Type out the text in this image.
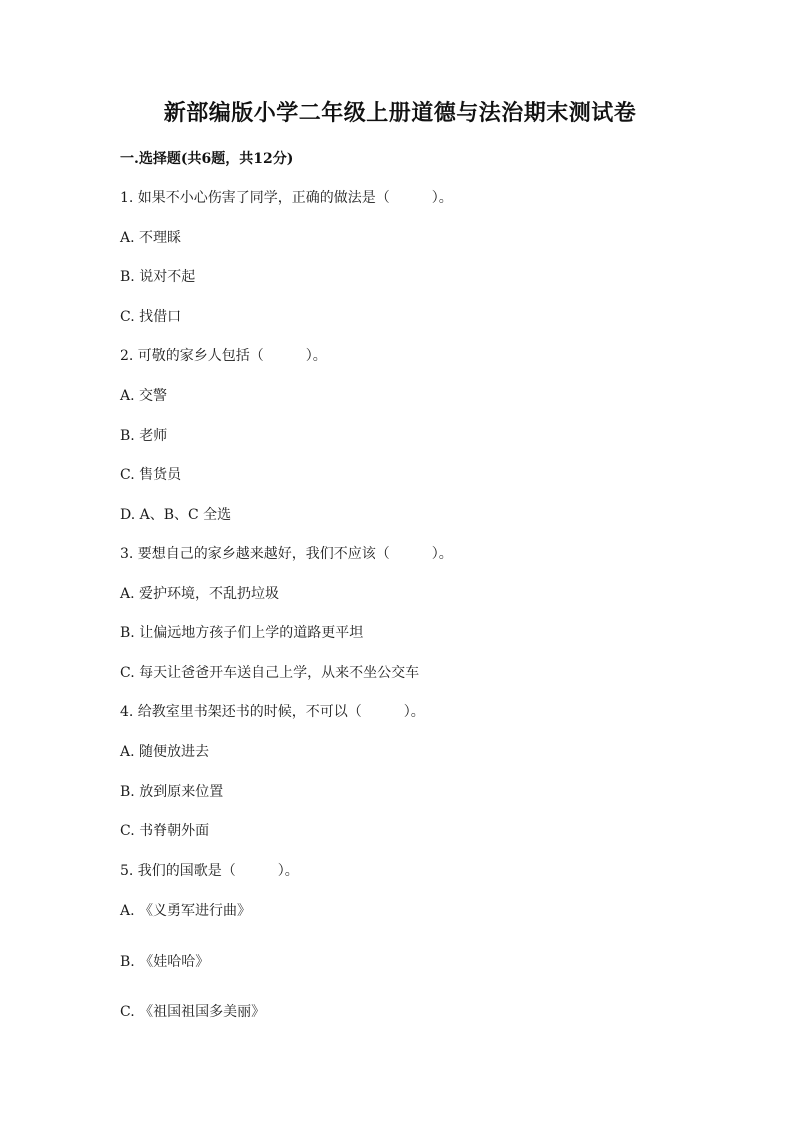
新部编版小学二年级上册道德与法治期末测试卷
一.选择题(共6题，共12分)
1. 如果不小心伤害了同学，正确的做法是（　　　）。
A. 不理睬
B. 说对不起
C. 找借口
2. 可敬的家乡人包括（　　　）。
A. 交警
B. 老师
C. 售货员
D. A、B、C 全选
3. 要想自己的家乡越来越好，我们不应该（　　　）。
A. 爱护环境，不乱扔垃圾
B. 让偏远地方孩子们上学的道路更平坦
C. 每天让爸爸开车送自己上学，从来不坐公交车
4. 给教室里书架还书的时候，不可以（　　　）。
A. 随便放进去
B. 放到原来位置
C. 书脊朝外面
5. 我们的国歌是（　　　）。
A. 《义勇军进行曲》
B. 《娃哈哈》
C. 《祖国祖国多美丽》
